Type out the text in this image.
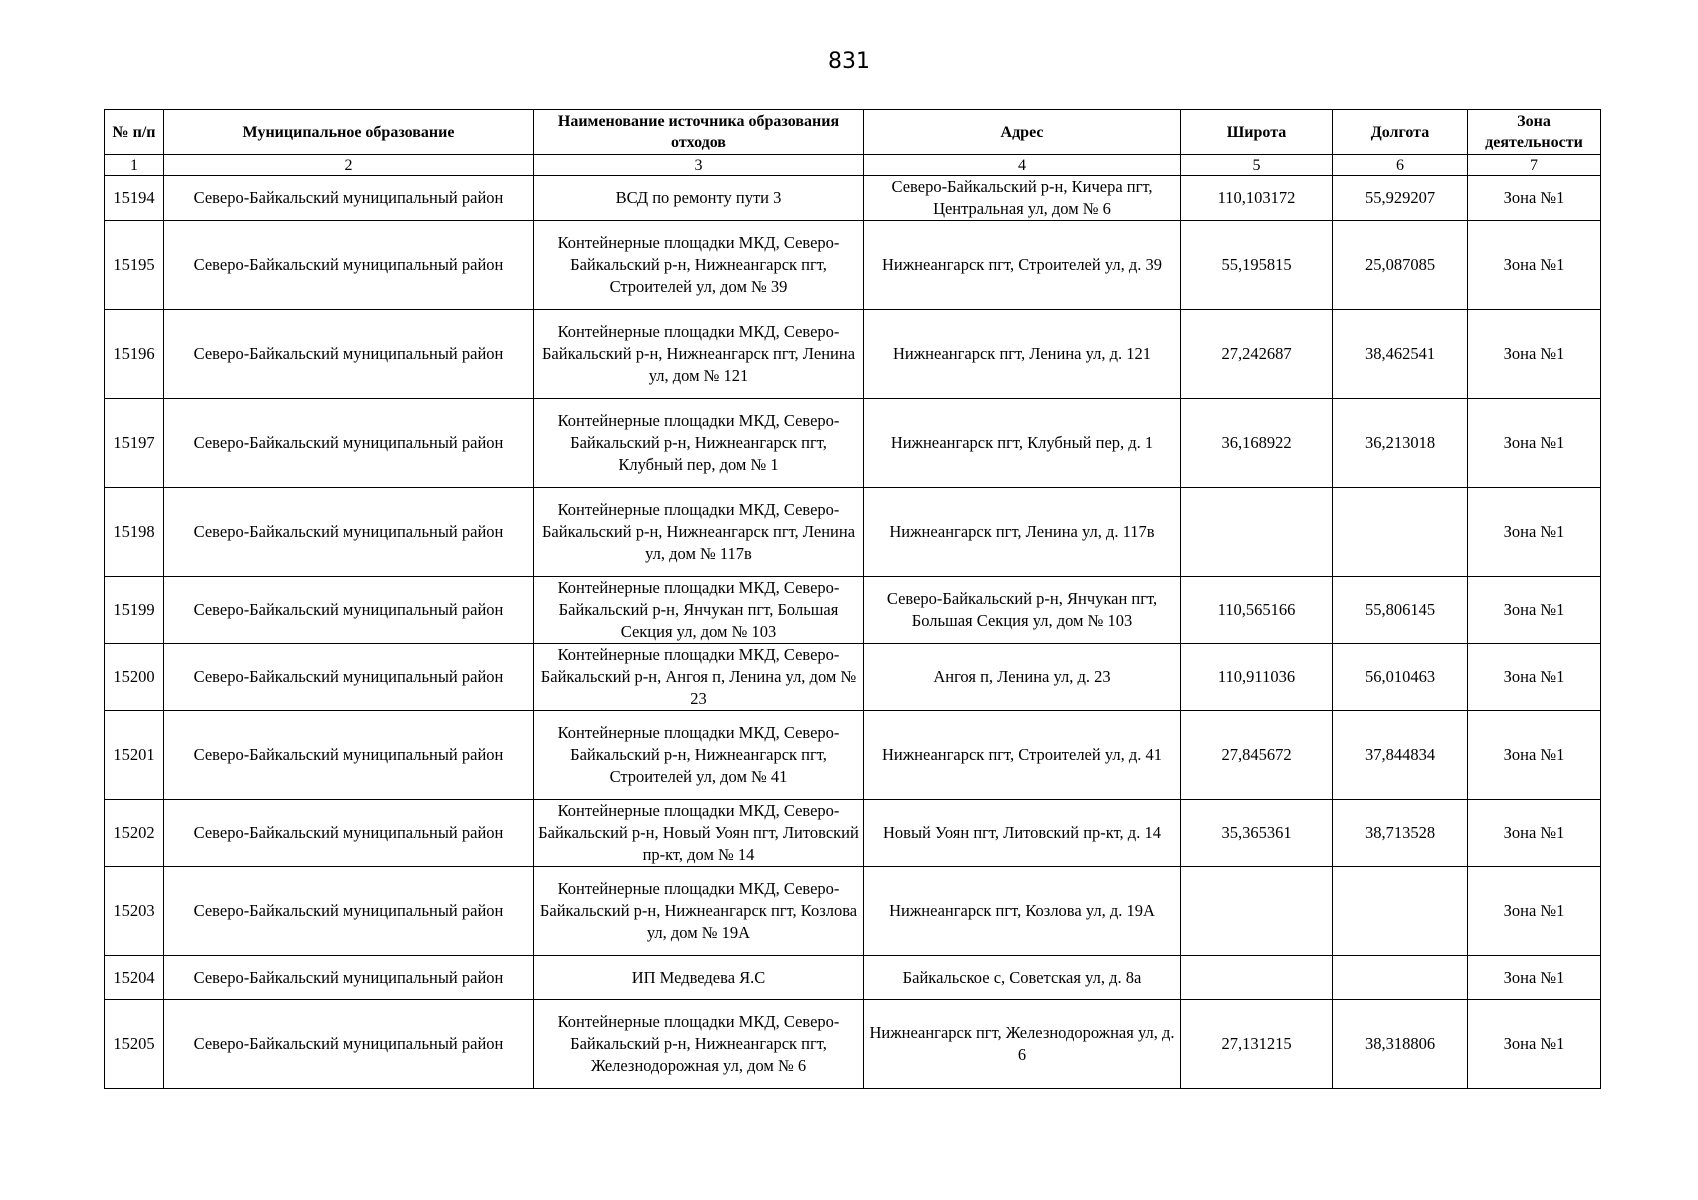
831
№ п/п	Муниципальное образование	Наименование источника образования отходов	Адрес	Широта	Долгота	Зона деятельности
1	2	3	4	5	6	7
15194	Северо-Байкальский муниципальный район	ВСД по ремонту пути 3	Северо-Байкальский р-н, Кичера пгт, Центральная ул, дом № 6	110,103172	55,929207	Зона №1
15195	Северо-Байкальский муниципальный район	Контейнерные площадки МКД, Северо-Байкальский р-н, Нижнеангарск пгт, Строителей ул, дом № 39	Нижнеангарск пгт, Строителей ул, д. 39	55,195815	25,087085	Зона №1
15196	Северо-Байкальский муниципальный район	Контейнерные площадки МКД, Северо-Байкальский р-н, Нижнеангарск пгт, Ленина ул, дом № 121	Нижнеангарск пгт, Ленина ул, д. 121	27,242687	38,462541	Зона №1
15197	Северо-Байкальский муниципальный район	Контейнерные площадки МКД, Северо-Байкальский р-н, Нижнеангарск пгт, Клубный пер, дом № 1	Нижнеангарск пгт, Клубный пер, д. 1	36,168922	36,213018	Зона №1
15198	Северо-Байкальский муниципальный район	Контейнерные площадки МКД, Северо-Байкальский р-н, Нижнеангарск пгт, Ленина ул, дом № 117в	Нижнеангарск пгт, Ленина ул, д. 117в			Зона №1
15199	Северо-Байкальский муниципальный район	Контейнерные площадки МКД, Северо-Байкальский р-н, Янчукан пгт, Большая Секция ул, дом № 103	Северо-Байкальский р-н, Янчукан пгт, Большая Секция ул, дом № 103	110,565166	55,806145	Зона №1
15200	Северо-Байкальский муниципальный район	Контейнерные площадки МКД, Северо-Байкальский р-н, Ангоя п, Ленина ул, дом № 23	Ангоя п, Ленина ул, д. 23	110,911036	56,010463	Зона №1
15201	Северо-Байкальский муниципальный район	Контейнерные площадки МКД, Северо-Байкальский р-н, Нижнеангарск пгт, Строителей ул, дом № 41	Нижнеангарск пгт, Строителей ул, д. 41	27,845672	37,844834	Зона №1
15202	Северо-Байкальский муниципальный район	Контейнерные площадки МКД, Северо-Байкальский р-н, Новый Уоян пгт, Литовский пр-кт, дом № 14	Новый Уоян пгт, Литовский пр-кт, д. 14	35,365361	38,713528	Зона №1
15203	Северо-Байкальский муниципальный район	Контейнерные площадки МКД, Северо-Байкальский р-н, Нижнеангарск пгт, Козлова ул, дом № 19А	Нижнеангарск пгт, Козлова ул, д. 19А			Зона №1
15204	Северо-Байкальский муниципальный район	ИП Медведева Я.С	Байкальское с, Советская ул, д. 8а			Зона №1
15205	Северо-Байкальский муниципальный район	Контейнерные площадки МКД, Северо-Байкальский р-н, Нижнеангарск пгт, Железнодорожная ул, дом № 6	Нижнеангарск пгт, Железнодорожная ул, д. 6	27,131215	38,318806	Зона №1
